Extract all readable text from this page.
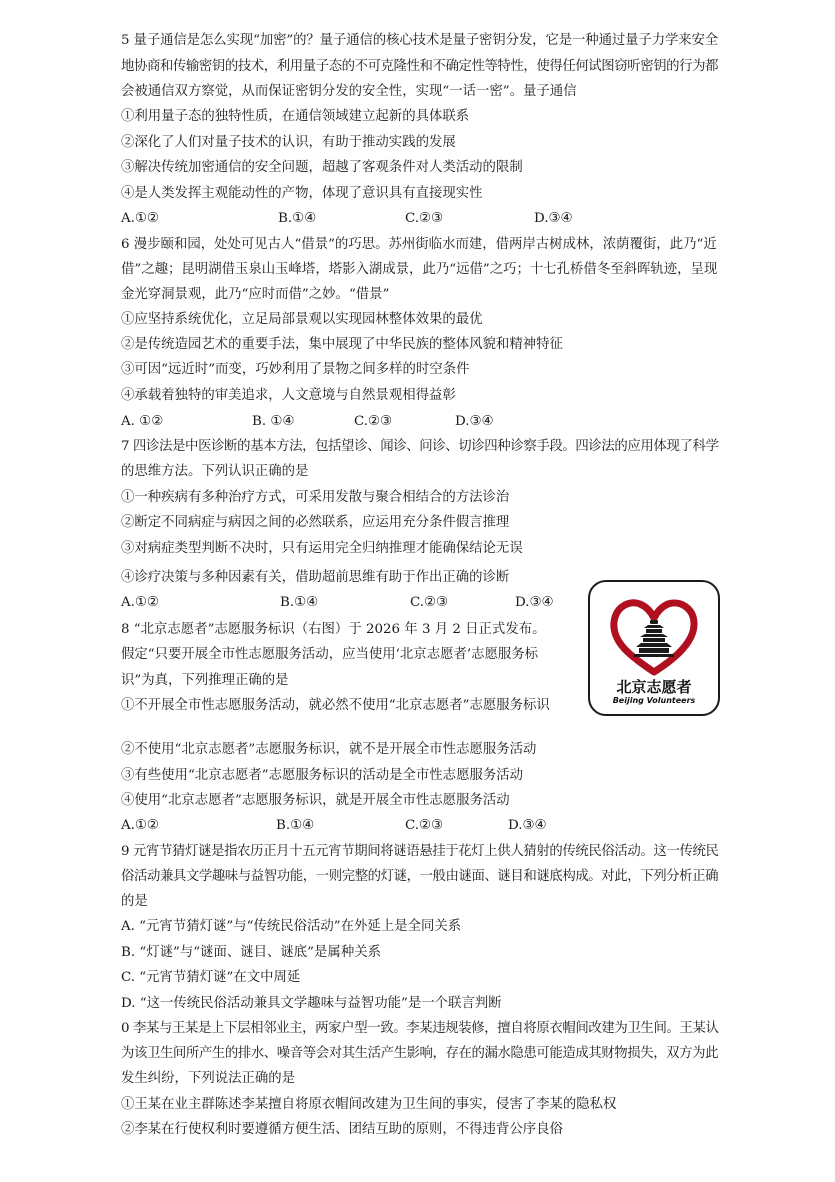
5 量子通信是怎么实现“加密”的？量子通信的核心技术是量子密钥分发，它是一种通过量子力学来安全
地协商和传输密钥的技术，利用量子态的不可克隆性和不确定性等特性，使得任何试图窃听密钥的行为都
会被通信双方察觉，从而保证密钥分发的安全性，实现“一话一密”。量子通信
①利用量子态的独特性质，在通信领域建立起新的具体联系
②深化了人们对量子技术的认识，有助于推动实践的发展
③解决传统加密通信的安全问题，超越了客观条件对人类活动的限制
④是人类发挥主观能动性的产物，体现了意识具有直接现实性
A.①②	B.①④	C.②③	D.③④
6 漫步颐和园，处处可见古人“借景”的巧思。苏州街临水而建，借两岸古树成林，浓荫覆街，此乃“近
借”之趣；昆明湖借玉泉山玉峰塔，塔影入湖成景，此乃“远借”之巧；十七孔桥借冬至斜晖轨迹，呈现
金光穿洞景观，此乃“应时而借”之妙。“借景”
①应坚持系统优化，立足局部景观以实现园林整体效果的最优
②是传统造园艺术的重要手法，集中展现了中华民族的整体风貌和精神特征
③可因“远近时”而变，巧妙利用了景物之间多样的时空条件
④承载着独特的审美追求，人文意境与自然景观相得益彰
A. ①②	B. ①④	C.②③	D.③④
7 四诊法是中医诊断的基本方法，包括望诊、闻诊、问诊、切诊四种诊察手段。四诊法的应用体现了科学
的思维方法。下列认识正确的是
①一种疾病有多种治疗方式，可采用发散与聚合相结合的方法诊治
②断定不同病症与病因之间的必然联系，应运用充分条件假言推理
③对病症类型判断不决时，只有运用完全归纳推理才能确保结论无误
④诊疗决策与多种因素有关，借助超前思维有助于作出正确的诊断
A.①②	B.①④	C.②③	D.③④
8 “北京志愿者”志愿服务标识（右图）于 2026 年 3 月 2 日正式发布。
假定“只要开展全市性志愿服务活动，应当使用‘北京志愿者’志愿服务标
识”为真，下列推理正确的是
①不开展全市性志愿服务活动，就必然不使用“北京志愿者”志愿服务标识
②不使用“北京志愿者”志愿服务标识，就不是开展全市性志愿服务活动
③有些使用“北京志愿者”志愿服务标识的活动是全市性志愿服务活动
④使用“北京志愿者”志愿服务标识，就是开展全市性志愿服务活动
A.①②	B.①④	C.②③	D.③④
北京志愿者
Beijing Volunteers
9 元宵节猜灯谜是指农历正月十五元宵节期间将谜语悬挂于花灯上供人猜射的传统民俗活动。这一传统民
俗活动兼具文学趣味与益智功能，一则完整的灯谜，一般由谜面、谜目和谜底构成。对此，下列分析正确
的是
A. “元宵节猜灯谜”与“传统民俗活动”在外延上是全同关系
B. “灯谜”与“谜面、谜目、谜底”是属种关系
C. “元宵节猜灯谜”在文中周延
D. “这一传统民俗活动兼具文学趣味与益智功能”是一个联言判断
0 李某与王某是上下层相邻业主，两家户型一致。李某违规装修，擅自将原衣帽间改建为卫生间。王某认
为该卫生间所产生的排水、噪音等会对其生活产生影响，存在的漏水隐患可能造成其财物损失，双方为此
发生纠纷，下列说法正确的是
①王某在业主群陈述李某擅自将原衣帽间改建为卫生间的事实，侵害了李某的隐私权
②李某在行使权利时要遵循方便生活、团结互助的原则，不得违背公序良俗
